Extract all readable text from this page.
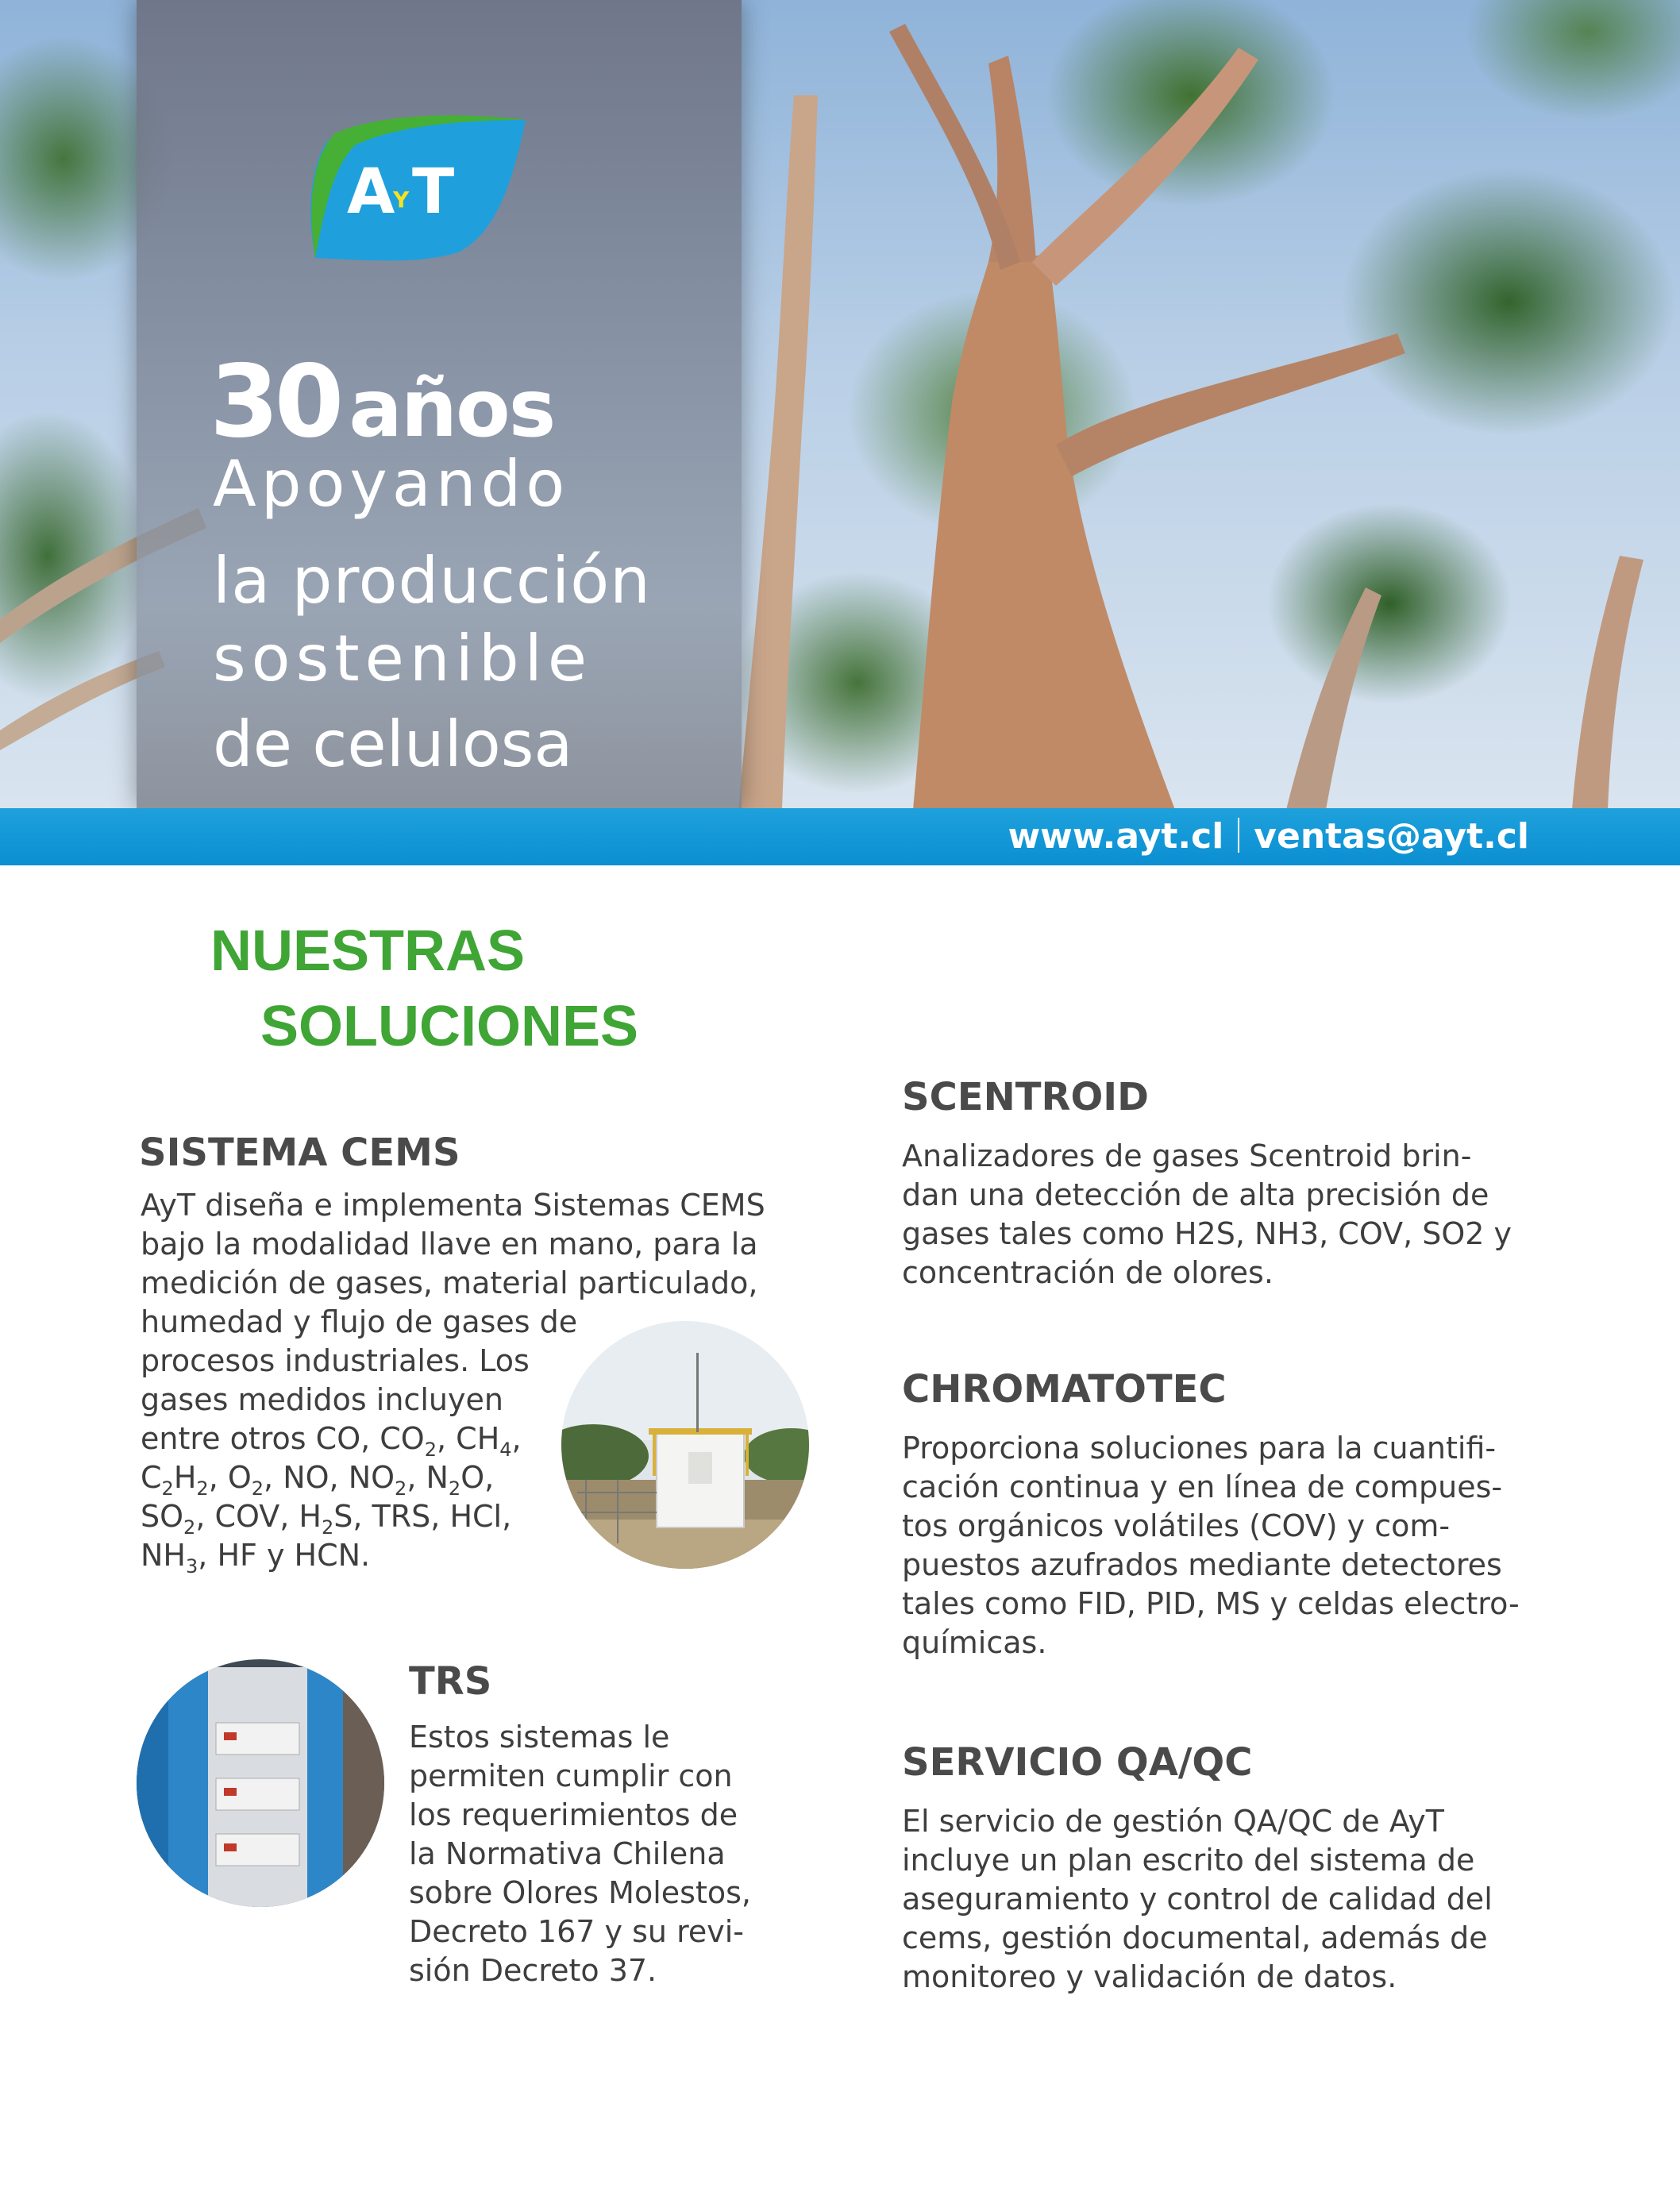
A
Y T
30 años
Apoyando
la producción
sostenible
de celulosa
www.ayt.cl ventas@ayt.cl
NUESTRAS
SOLUCIONES
SISTEMA CEMS
AyT diseña e implementa Sistemas CEMS
bajo la modalidad llave en mano, para la
medición de gases, material particulado,
humedad y flujo de gases de
procesos industriales. Los
gases medidos incluyen
entre otros CO, $CO_2$, $CH_4$,
$C_2H_2$, $O_2$, NO, $NO_2$, $N_2O$,
$SO_2$, COV, $H_2S$, TRS, HCl,
$NH_3$, HF y HCN.
TRS
Estos sistemas le
permiten cumplir con
los requerimientos de
la Normativa Chilena
sobre Olores Molestos,
Decreto 167 y su revi-
sión Decreto 37.
SCENTROID
Analizadores de gases Scentroid brin-
dan una detección de alta precisión de
gases tales como H2S, NH3, COV, SO2 y
concentración de olores.
CHROMATOTEC
Proporciona soluciones para la cuantifi-
cación continua y en línea de compues-
tos orgánicos volátiles (COV) y com-
puestos azufrados mediante detectores
tales como FID, PID, MS y celdas electro-
químicas.
SERVICIO QA/QC
El servicio de gestión QA/QC de AyT
incluye un plan escrito del sistema de
aseguramiento y control de calidad del
cems, gestión documental, además de
monitoreo y validación de datos.
